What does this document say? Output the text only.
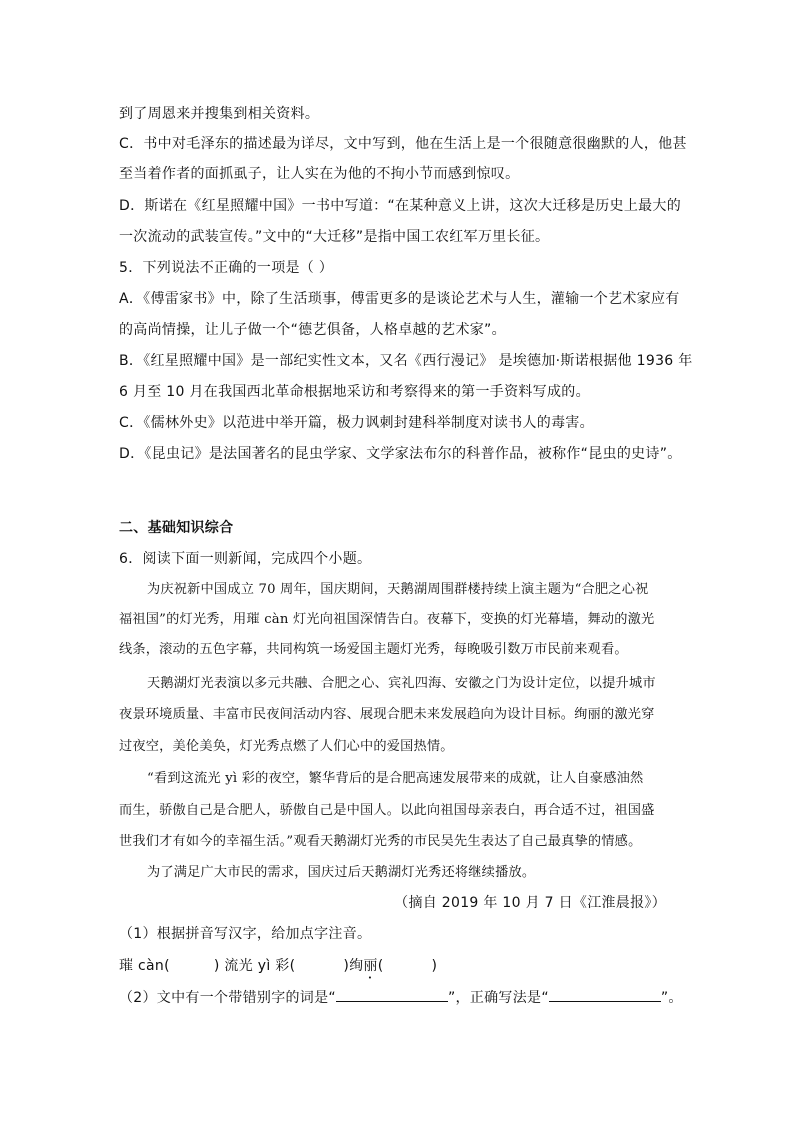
到了周恩来并搜集到相关资料。
C．书中对毛泽东的描述最为详尽，文中写到，他在生活上是一个很随意很幽默的人，他甚
至当着作者的面抓虱子，让人实在为他的不拘小节而感到惊叹。
D．斯诺在《红星照耀中国》一书中写道：“在某种意义上讲，这次大迁移是历史上最大的
一次流动的武装宣传。”文中的“大迁移”是指中国工农红军万里长征。
5．下列说法不正确的一项是（ ）
A．《傅雷家书》中，除了生活琐事，傅雷更多的是谈论艺术与人生，灌输一个艺术家应有
的高尚情操，让儿子做一个“德艺俱备，人格卓越的艺术家”。
B．《红星照耀中国》是一部纪实性文本，又名《西行漫记》 是埃德加·斯诺根据他 1936 年
6 月至 10 月在我国西北革命根据地采访和考察得来的第一手资料写成的。
C．《儒林外史》以范进中举开篇，极力讽刺封建科举制度对读书人的毒害。
D．《昆虫记》是法国著名的昆虫学家、文学家法布尔的科普作品，被称作“昆虫的史诗”。
二、基础知识综合
6．阅读下面一则新闻，完成四个小题。
为庆祝新中国成立 70 周年，国庆期间，天鹅湖周围群楼持续上演主题为“合肥之心祝
福祖国”的灯光秀，用璀 càn 灯光向祖国深情告白。夜幕下，变换的灯光幕墙，舞动的激光
线条，滚动的五色字幕，共同构筑一场爱国主题灯光秀，每晚吸引数万市民前来观看。
天鹅湖灯光表演以多元共融、合肥之心、宾礼四海、安徽之门为设计定位，以提升城市
夜景环境质量、丰富市民夜间活动内容、展现合肥未来发展趋向为设计目标。绚丽的激光穿
过夜空，美伦美奂，灯光秀点燃了人们心中的爱国热情。
“看到这流光 yì 彩的夜空，繁华背后的是合肥高速发展带来的成就，让人自豪感油然
而生，骄傲自己是合肥人，骄傲自己是中国人。以此向祖国母亲表白，再合适不过，祖国盛
世我们才有如今的幸福生活。”观看天鹅湖灯光秀的市民吴先生表达了自己最真挚的情感。
为了满足广大市民的需求，国庆过后天鹅湖灯光秀还将继续播放。
（摘自 2019 年 10 月 7 日《江淮晨报》）
（1）根据拼音写汉字，给加点字注音。
璀 càn(	) 流光 yì 彩(	)绚丽(	)
（2）文中有一个带错别字的词是“	”，正确写法是“	”。
